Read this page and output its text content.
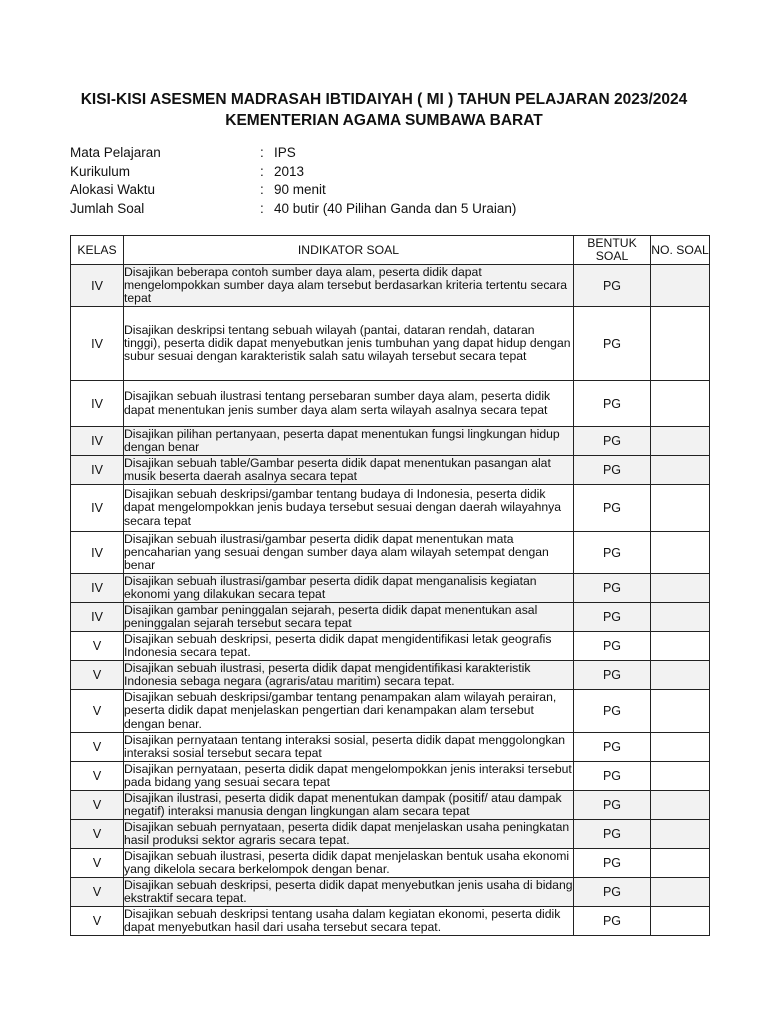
KISI-KISI ASESMEN MADRASAH IBTIDAIYAH ( MI ) TAHUN PELAJARAN 2023/2024
KEMENTERIAN AGAMA SUMBAWA BARAT
Mata Pelajaran	: IPS
Kurikulum	: 2013
Alokasi Waktu	: 90 menit
Jumlah Soal	: 40 butir (40 Pilihan Ganda dan 5 Uraian)
KELAS	INDIKATOR SOAL	BENTUK SOAL	NO. SOAL
IV	Disajikan beberapa contoh sumber daya alam, peserta didik dapat mengelompokkan sumber daya alam tersebut berdasarkan kriteria tertentu secara tepat	PG	
IV	Disajikan deskripsi tentang sebuah wilayah (pantai, dataran rendah, dataran tinggi), peserta didik dapat menyebutkan jenis tumbuhan yang dapat hidup dengan subur sesuai dengan karakteristik salah satu wilayah tersebut secara tepat	PG	
IV	Disajikan sebuah ilustrasi tentang persebaran sumber daya alam, peserta didik dapat menentukan jenis sumber daya alam serta wilayah asalnya secara tepat	PG	
IV	Disajikan pilihan pertanyaan, peserta dapat menentukan fungsi lingkungan hidup dengan benar	PG	
IV	Disajikan sebuah table/Gambar peserta didik dapat menentukan pasangan alat musik beserta daerah asalnya secara tepat	PG	
IV	Disajikan sebuah deskripsi/gambar tentang budaya di Indonesia, peserta didik dapat mengelompokkan jenis budaya tersebut sesuai dengan daerah wilayahnya secara tepat	PG	
IV	Disajikan sebuah ilustrasi/gambar peserta didik dapat menentukan mata pencaharian yang sesuai dengan sumber daya alam wilayah setempat dengan benar	PG	
IV	Disajikan sebuah ilustrasi/gambar peserta didik dapat menganalisis kegiatan ekonomi yang dilakukan secara tepat	PG	
IV	Disajikan gambar peninggalan sejarah, peserta didik dapat menentukan asal peninggalan sejarah tersebut secara tepat	PG	
V	Disajikan sebuah deskripsi, peserta didik dapat mengidentifikasi letak geografis Indonesia secara tepat.	PG	
V	Disajikan sebuah ilustrasi, peserta didik dapat mengidentifikasi karakteristik Indonesia sebaga negara (agraris/atau maritim) secara tepat.	PG	
V	Disajikan sebuah deskripsi/gambar tentang penampakan alam wilayah perairan, peserta didik dapat menjelaskan pengertian dari kenampakan alam tersebut dengan benar.	PG	
V	Disajikan pernyataan tentang interaksi sosial, peserta didik dapat menggolongkan interaksi sosial tersebut secara tepat	PG	
V	Disajikan pernyataan, peserta didik dapat mengelompokkan jenis interaksi tersebut pada bidang yang sesuai secara tepat	PG	
V	Disajikan ilustrasi, peserta didik dapat menentukan dampak (positif/ atau dampak negatif) interaksi manusia dengan lingkungan alam secara tepat	PG	
V	Disajikan sebuah pernyataan, peserta didik dapat menjelaskan usaha peningkatan hasil produksi sektor agraris secara tepat.	PG	
V	Disajikan sebuah ilustrasi, peserta didik dapat menjelaskan bentuk usaha ekonomi yang dikelola secara berkelompok dengan benar.	PG	
V	Disajikan sebuah deskripsi, peserta didik dapat menyebutkan jenis usaha di bidang ekstraktif secara tepat.	PG	
V	Disajikan sebuah deskripsi tentang usaha dalam kegiatan ekonomi, peserta didik dapat menyebutkan hasil dari usaha tersebut secara tepat.	PG	
